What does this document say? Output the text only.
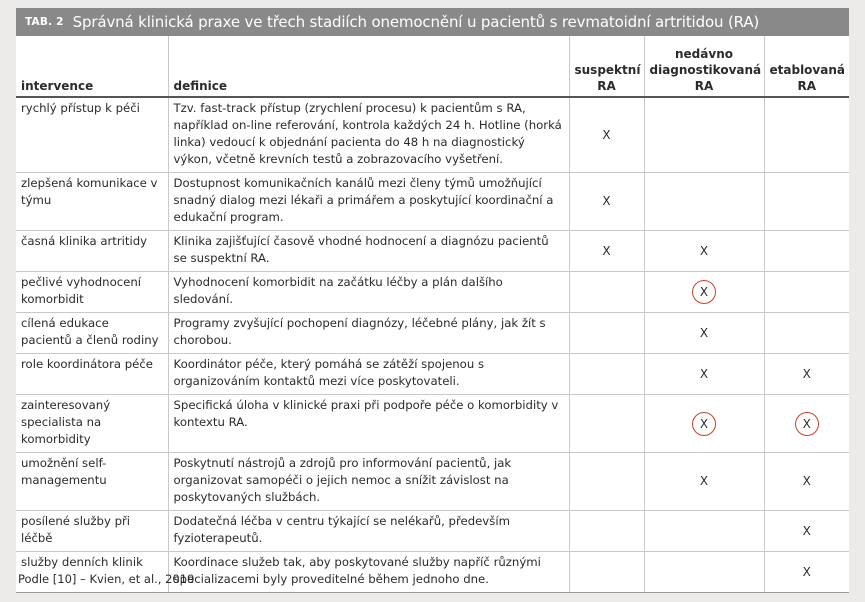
TAB. 2 Správná klinická praxe ve třech stadiích onemocnění u pacientů s revmatoidní artritidou (RA)
intervence	definice	suspektní RA	nedávno diagnostikovaná RA	etablovaná RA
rychlý přístup k péči	Tzv. fast-track přístup (zrychlení procesu) k pacientům s RA, například on-line referování, kontrola každých 24 h. Hotline (horká linka) vedoucí k objednání pacienta do 48 h na diagnostický výkon, včetně krevních testů a zobrazovacího vyšetření.	X		
zlepšená komunikace v týmu	Dostupnost komunikačních kanálů mezi členy týmů umožňující snadný dialog mezi lékaři a primářem a poskytující koordinační a edukační program.	X		
časná klinika artritidy	Klinika zajišťující časově vhodné hodnocení a diagnózu pacientů se suspektní RA.	X	X	
pečlivé vyhodnocení komorbidit	Vyhodnocení komorbidit na začátku léčby a plán dalšího sledování.		X	
cílená edukace pacientů a členů rodiny	Programy zvyšující pochopení diagnózy, léčebné plány, jak žít s chorobou.		X	
role koordinátora péče	Koordinátor péče, který pomáhá se zátěží spojenou s organizováním kontaktů mezi více poskytovateli.		X	X
zainteresovaný specialista na komorbidity	Specifická úloha v klinické praxi při podpoře péče o komorbidity v kontextu RA.		X	X
umožnění self-managementu	Poskytnutí nástrojů a zdrojů pro informování pacientů, jak organizovat samopéči o jejich nemoc a snížit závislost na poskytovaných službách.		X	X
posílené služby při léčbě	Dodatečná léčba v centru týkající se nelékařů, především fyzioterapeutů.			X
služby denních klinik	Koordinace služeb tak, aby poskytované služby napříč různými specializacemi byly proveditelné během jednoho dne.			X
Podle [10] – Kvien, et al., 2019
